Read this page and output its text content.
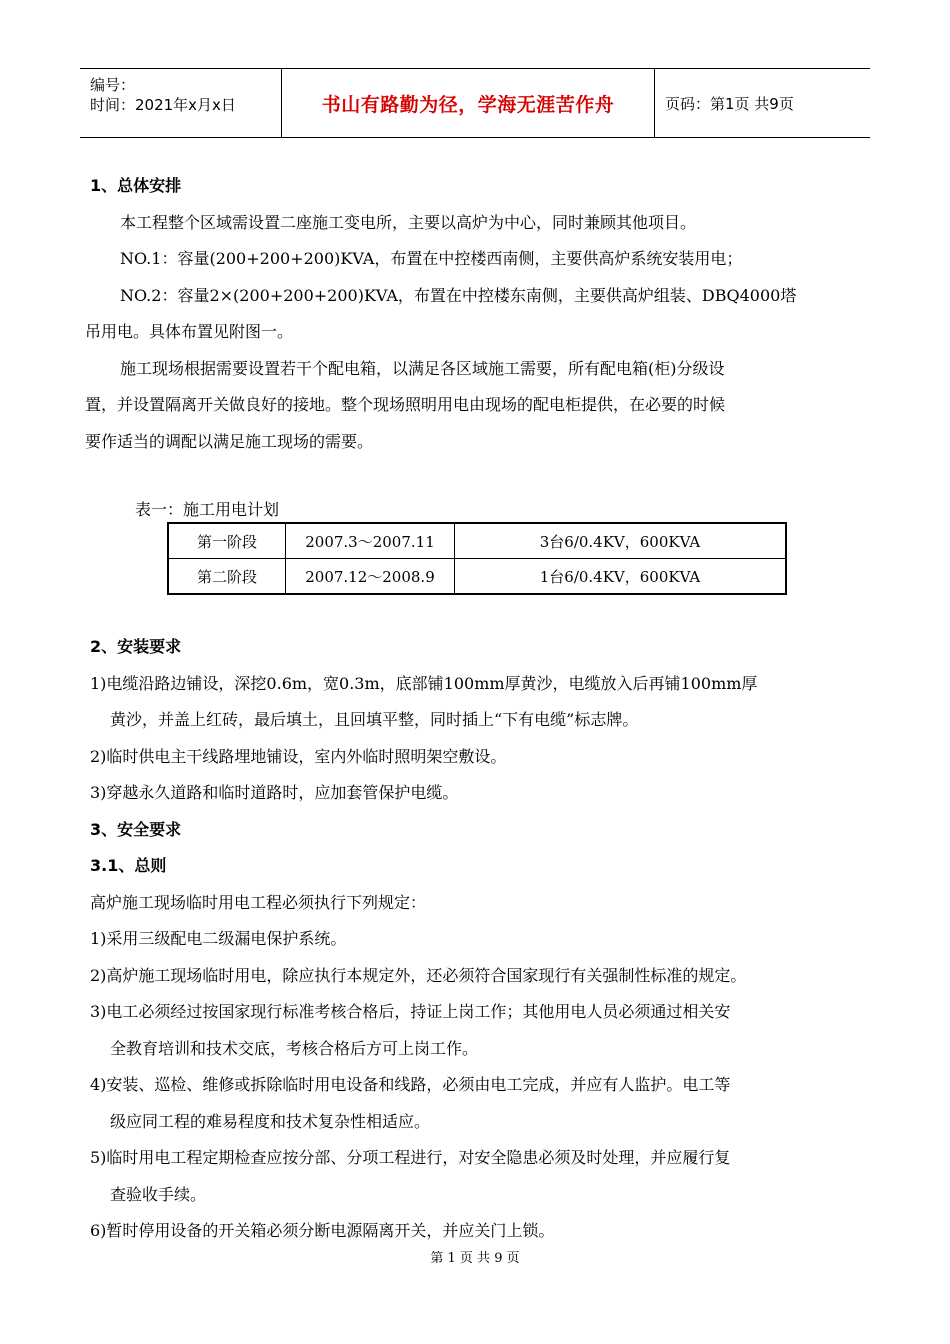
编号：
时间：2021年x月x日	书山有路勤为径，学海无涯苦作舟	页码：第1页 共9页

1、总体安排

本工程整个区域需设置二座施工变电所，主要以高炉为中心，同时兼顾其他项目。

NO.1：容量(200+200+200)KVA，布置在中控楼西南侧，主要供高炉系统安装用电；

NO.2：容量2×(200+200+200)KVA，布置在中控楼东南侧，主要供高炉组装、DBQ4000塔

吊用电。具体布置见附图一。

施工现场根据需要设置若干个配电箱，以满足各区域施工需要，所有配电箱(柜)分级设

置，并设置隔离开关做良好的接地。整个现场照明用电由现场的配电柜提供，在必要的时候

要作适当的调配以满足施工现场的需要。

表一：施工用电计划

第一阶段	2007.3～2007.11	3台6/0.4KV，600KVA
第二阶段	2007.12～2008.9	1台6/0.4KV，600KVA

2、安装要求

1)电缆沿路边铺设，深挖0.6m，宽0.3m，底部铺100mm厚黄沙，电缆放入后再铺100mm厚

黄沙，并盖上红砖，最后填土，且回填平整，同时插上“下有电缆”标志牌。

2)临时供电主干线路埋地铺设，室内外临时照明架空敷设。

3)穿越永久道路和临时道路时，应加套管保护电缆。

3、安全要求

3.1、总则

高炉施工现场临时用电工程必须执行下列规定：

1)采用三级配电二级漏电保护系统。

2)高炉施工现场临时用电，除应执行本规定外，还必须符合国家现行有关强制性标准的规定。

3)电工必须经过按国家现行标准考核合格后，持证上岗工作；其他用电人员必须通过相关安

全教育培训和技术交底，考核合格后方可上岗工作。

4)安装、巡检、维修或拆除临时用电设备和线路，必须由电工完成，并应有人监护。电工等

级应同工程的难易程度和技术复杂性相适应。

5)临时用电工程定期检查应按分部、分项工程进行，对安全隐患必须及时处理，并应履行复

查验收手续。

6)暂时停用设备的开关箱必须分断电源隔离开关，并应关门上锁。

第 1 页 共 9 页
